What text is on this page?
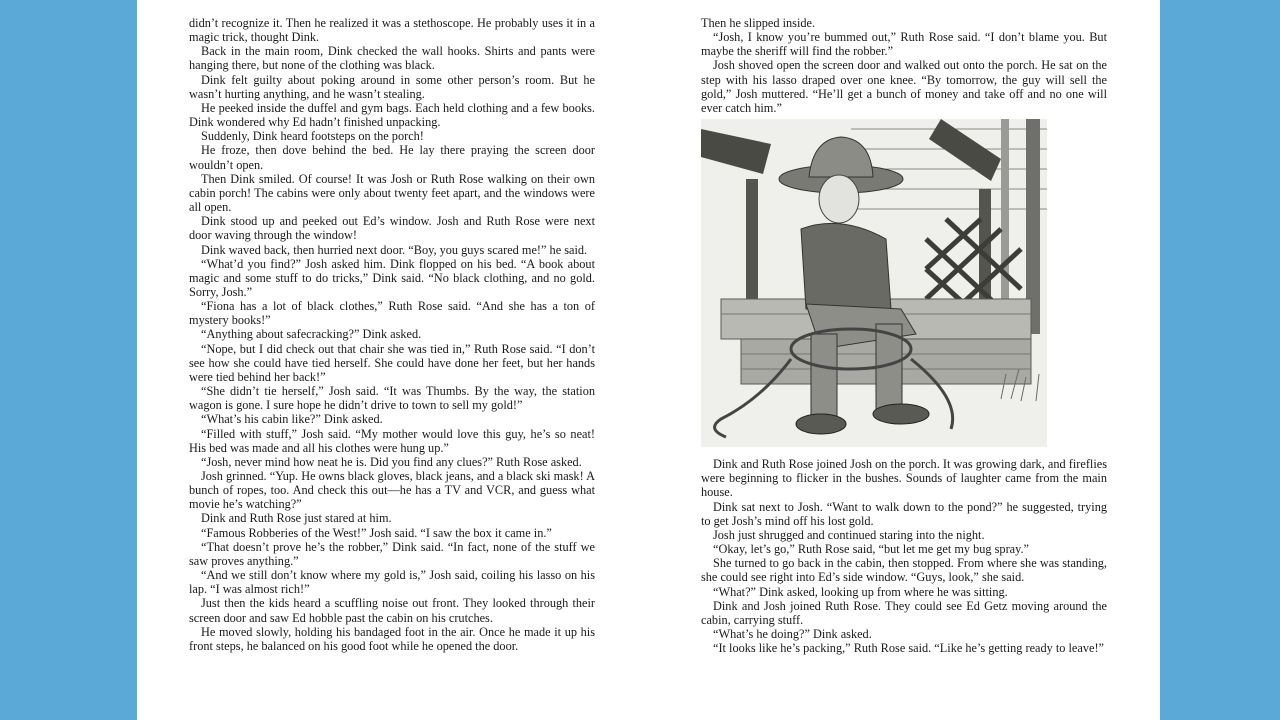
didn’t recognize it. Then he realized it was a stethoscope. He probably uses it in a magic trick, thought Dink.

Back in the main room, Dink checked the wall hooks. Shirts and pants were hanging there, but none of the clothing was black.

Dink felt guilty about poking around in some other person’s room. But he wasn’t hurting anything, and he wasn’t stealing.

He peeked inside the duffel and gym bags. Each held clothing and a few books. Dink wondered why Ed hadn’t finished unpacking.

Suddenly, Dink heard footsteps on the porch!

He froze, then dove behind the bed. He lay there praying the screen door wouldn’t open.

Then Dink smiled. Of course! It was Josh or Ruth Rose walking on their own cabin porch! The cabins were only about twenty feet apart, and the windows were all open.

Dink stood up and peeked out Ed’s window. Josh and Ruth Rose were next door waving through the window!

Dink waved back, then hurried next door. “Boy, you guys scared me!” he said.

“What’d you find?” Josh asked him. Dink flopped on his bed. “A book about magic and some stuff to do tricks,” Dink said. “No black clothing, and no gold. Sorry, Josh.”

“Fiona has a lot of black clothes,” Ruth Rose said. “And she has a ton of mystery books!”

“Anything about safecracking?” Dink asked.

“Nope, but I did check out that chair she was tied in,” Ruth Rose said. “I don’t see how she could have tied herself. She could have done her feet, but her hands were tied behind her back!”

“She didn’t tie herself,” Josh said. “It was Thumbs. By the way, the station wagon is gone. I sure hope he didn’t drive to town to sell my gold!”

“What’s his cabin like?” Dink asked.

“Filled with stuff,” Josh said. “My mother would love this guy, he’s so neat! His bed was made and all his clothes were hung up.”

“Josh, never mind how neat he is. Did you find any clues?” Ruth Rose asked.

Josh grinned. “Yup. He owns black gloves, black jeans, and a black ski mask! A bunch of ropes, too. And check this out—he has a TV and VCR, and guess what movie he’s watching?”

Dink and Ruth Rose just stared at him.

“Famous Robberies of the West!” Josh said. “I saw the box it came in.”

“That doesn’t prove he’s the robber,” Dink said. “In fact, none of the stuff we saw proves anything.”

“And we still don’t know where my gold is,” Josh said, coiling his lasso on his lap. “I was almost rich!”

Just then the kids heard a scuffling noise out front. They looked through their screen door and saw Ed hobble past the cabin on his crutches.

He moved slowly, holding his bandaged foot in the air. Once he made it up his front steps, he balanced on his good foot while he opened the door.

Then he slipped inside.

“Josh, I know you’re bummed out,” Ruth Rose said. “I don’t blame you. But maybe the sheriff will find the robber.”

Josh shoved open the screen door and walked out onto the porch. He sat on the step with his lasso draped over one knee. “By tomorrow, the guy will sell the gold,” Josh muttered. “He’ll get a bunch of money and take off and no one will ever catch him.”

Dink and Ruth Rose joined Josh on the porch. It was growing dark, and fireflies were beginning to flicker in the bushes. Sounds of laughter came from the main house.

Dink sat next to Josh. “Want to walk down to the pond?” he suggested, trying to get Josh’s mind off his lost gold.

Josh just shrugged and continued staring into the night.

“Okay, let’s go,” Ruth Rose said, “but let me get my bug spray.”

She turned to go back in the cabin, then stopped. From where she was standing, she could see right into Ed’s side window. “Guys, look,” she said.

“What?” Dink asked, looking up from where he was sitting.

Dink and Josh joined Ruth Rose. They could see Ed Getz moving around the cabin, carrying stuff.

“What’s he doing?” Dink asked.

“It looks like he’s packing,” Ruth Rose said. “Like he’s getting ready to leave!”
